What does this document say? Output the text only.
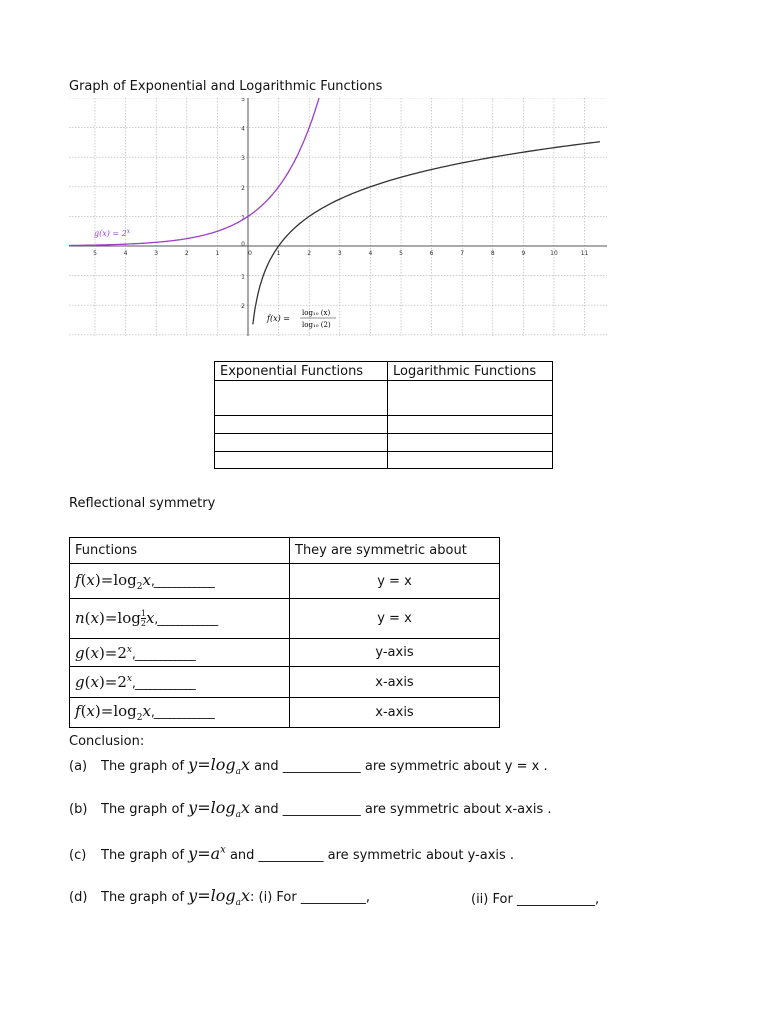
Graph of Exponential and Logarithmic Functions
5	4	3	2	1	0	1	2	3	4	5	6	7	8	9	10	11
5
4
3
2
1
0
1
2
$g(x) = 2^x$
f(x) =
log₁₀ (x)
log₁₀ (2)
Exponential Functions	Logarithmic Functions

Reflectional symmetry
Functions	They are symmetric about
$f(x)=\log_2x,\_\_\_\_\_\_\_\_\_\_\_\_$	y = x
$n(x)=\log \frac{1}{2}$ x,____________	y = x
$g(x)=2^x,\_\_\_\_\_\_\_\_\_\_\_\_$	y-axis
$g(x)=2^x,\_\_\_\_\_\_\_\_\_\_\_\_$	x-axis
$f(x)=\log_2x,\_\_\_\_\_\_\_\_\_\_\_\_$	x-axis
Conclusion:
(a) The graph of $y=\log_ax$ and ____________ are symmetric about y = x .
(b) The graph of $y=\log_ax$ and ____________ are symmetric about x-axis .
(c) The graph of $y=a^x$ and __________ are symmetric about y-axis .
(d) The graph of $y=\log_ax$: (i) For __________,	(ii) For ____________,
